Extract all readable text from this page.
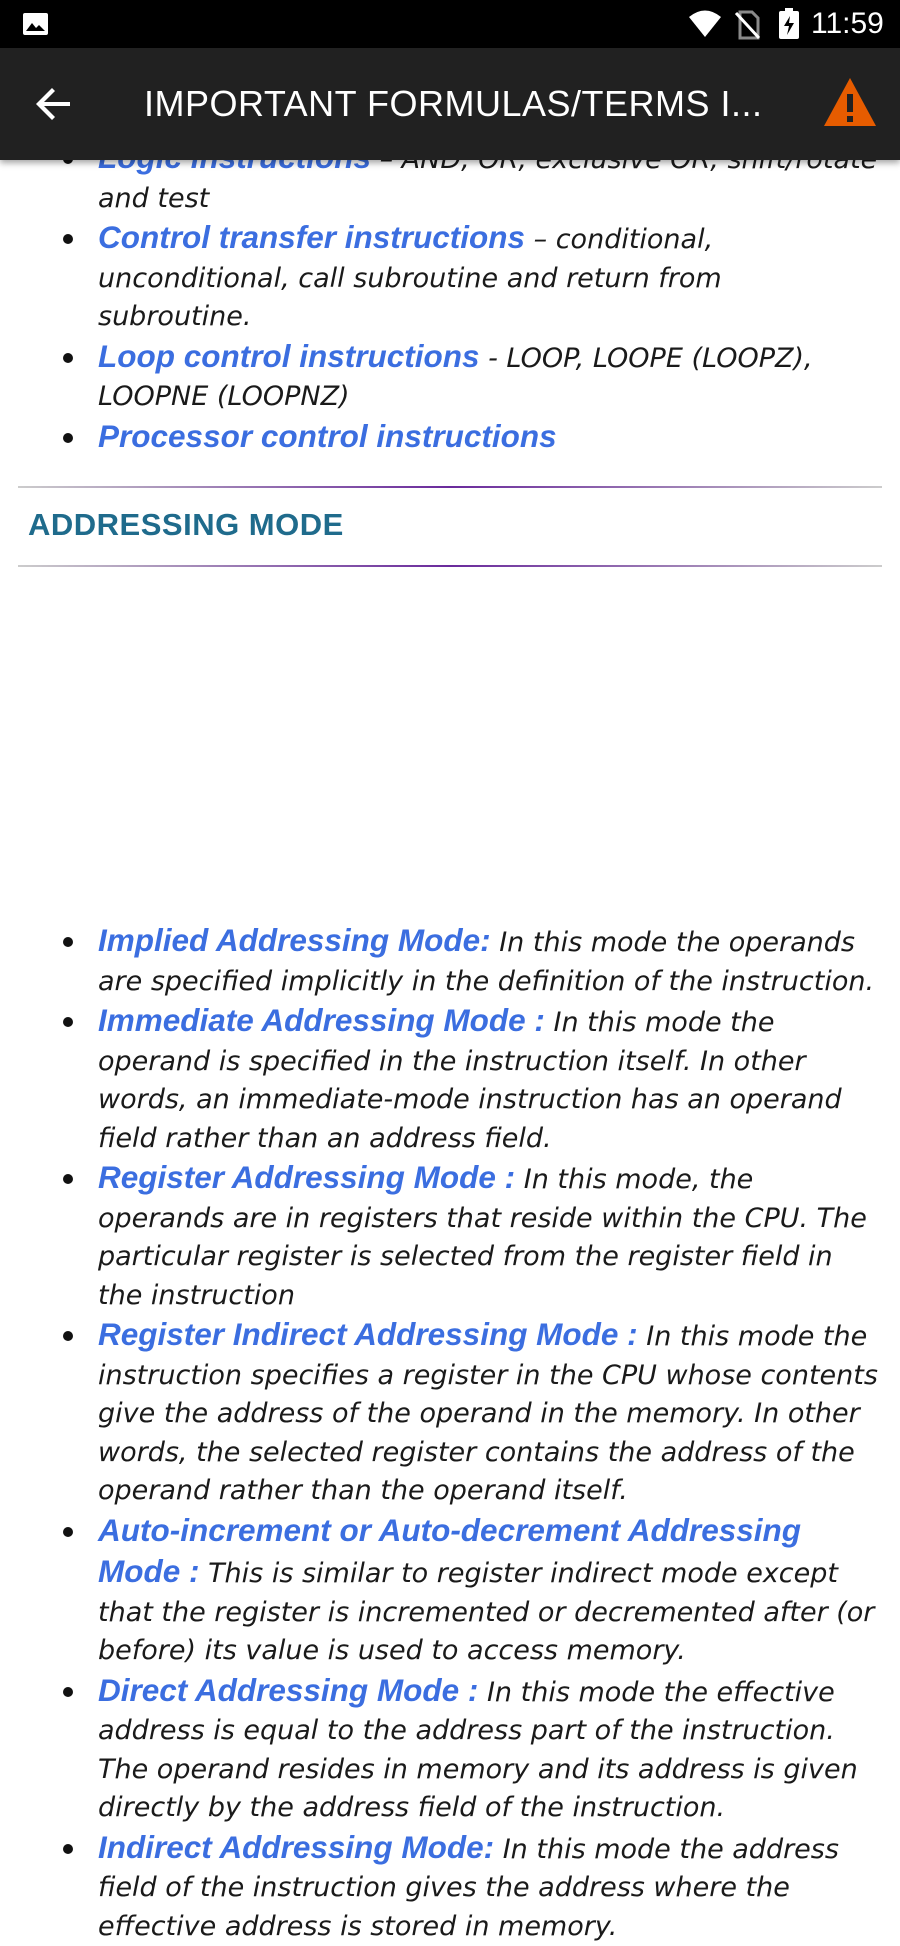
11:59
IMPORTANT FORMULAS/TERMS I...
and test
Control transfer instructions – conditional, unconditional, call subroutine and return from subroutine.
Loop control instructions - LOOP, LOOPE (LOOPZ), LOOPNE (LOOPNZ)
Processor control instructions
ADDRESSING MODE
Implied Addressing Mode: In this mode the operands are specified implicitly in the definition of the instruction.
Immediate Addressing Mode : In this mode the operand is specified in the instruction itself. In other words, an immediate-mode instruction has an operand field rather than an address field.
Register Addressing Mode : In this mode, the operands are in registers that reside within the CPU. The particular register is selected from the register field in the instruction
Register Indirect Addressing Mode : In this mode the instruction specifies a register in the CPU whose contents give the address of the operand in the memory. In other words, the selected register contains the address of the operand rather than the operand itself.
Auto-increment or Auto-decrement Addressing Mode : This is similar to register indirect mode except that the register is incremented or decremented after (or before) its value is used to access memory.
Direct Addressing Mode : In this mode the effective address is equal to the address part of the instruction. The operand resides in memory and its address is given directly by the address field of the instruction.
Indirect Addressing Mode: In this mode the address field of the instruction gives the address where the effective address is stored in memory.
